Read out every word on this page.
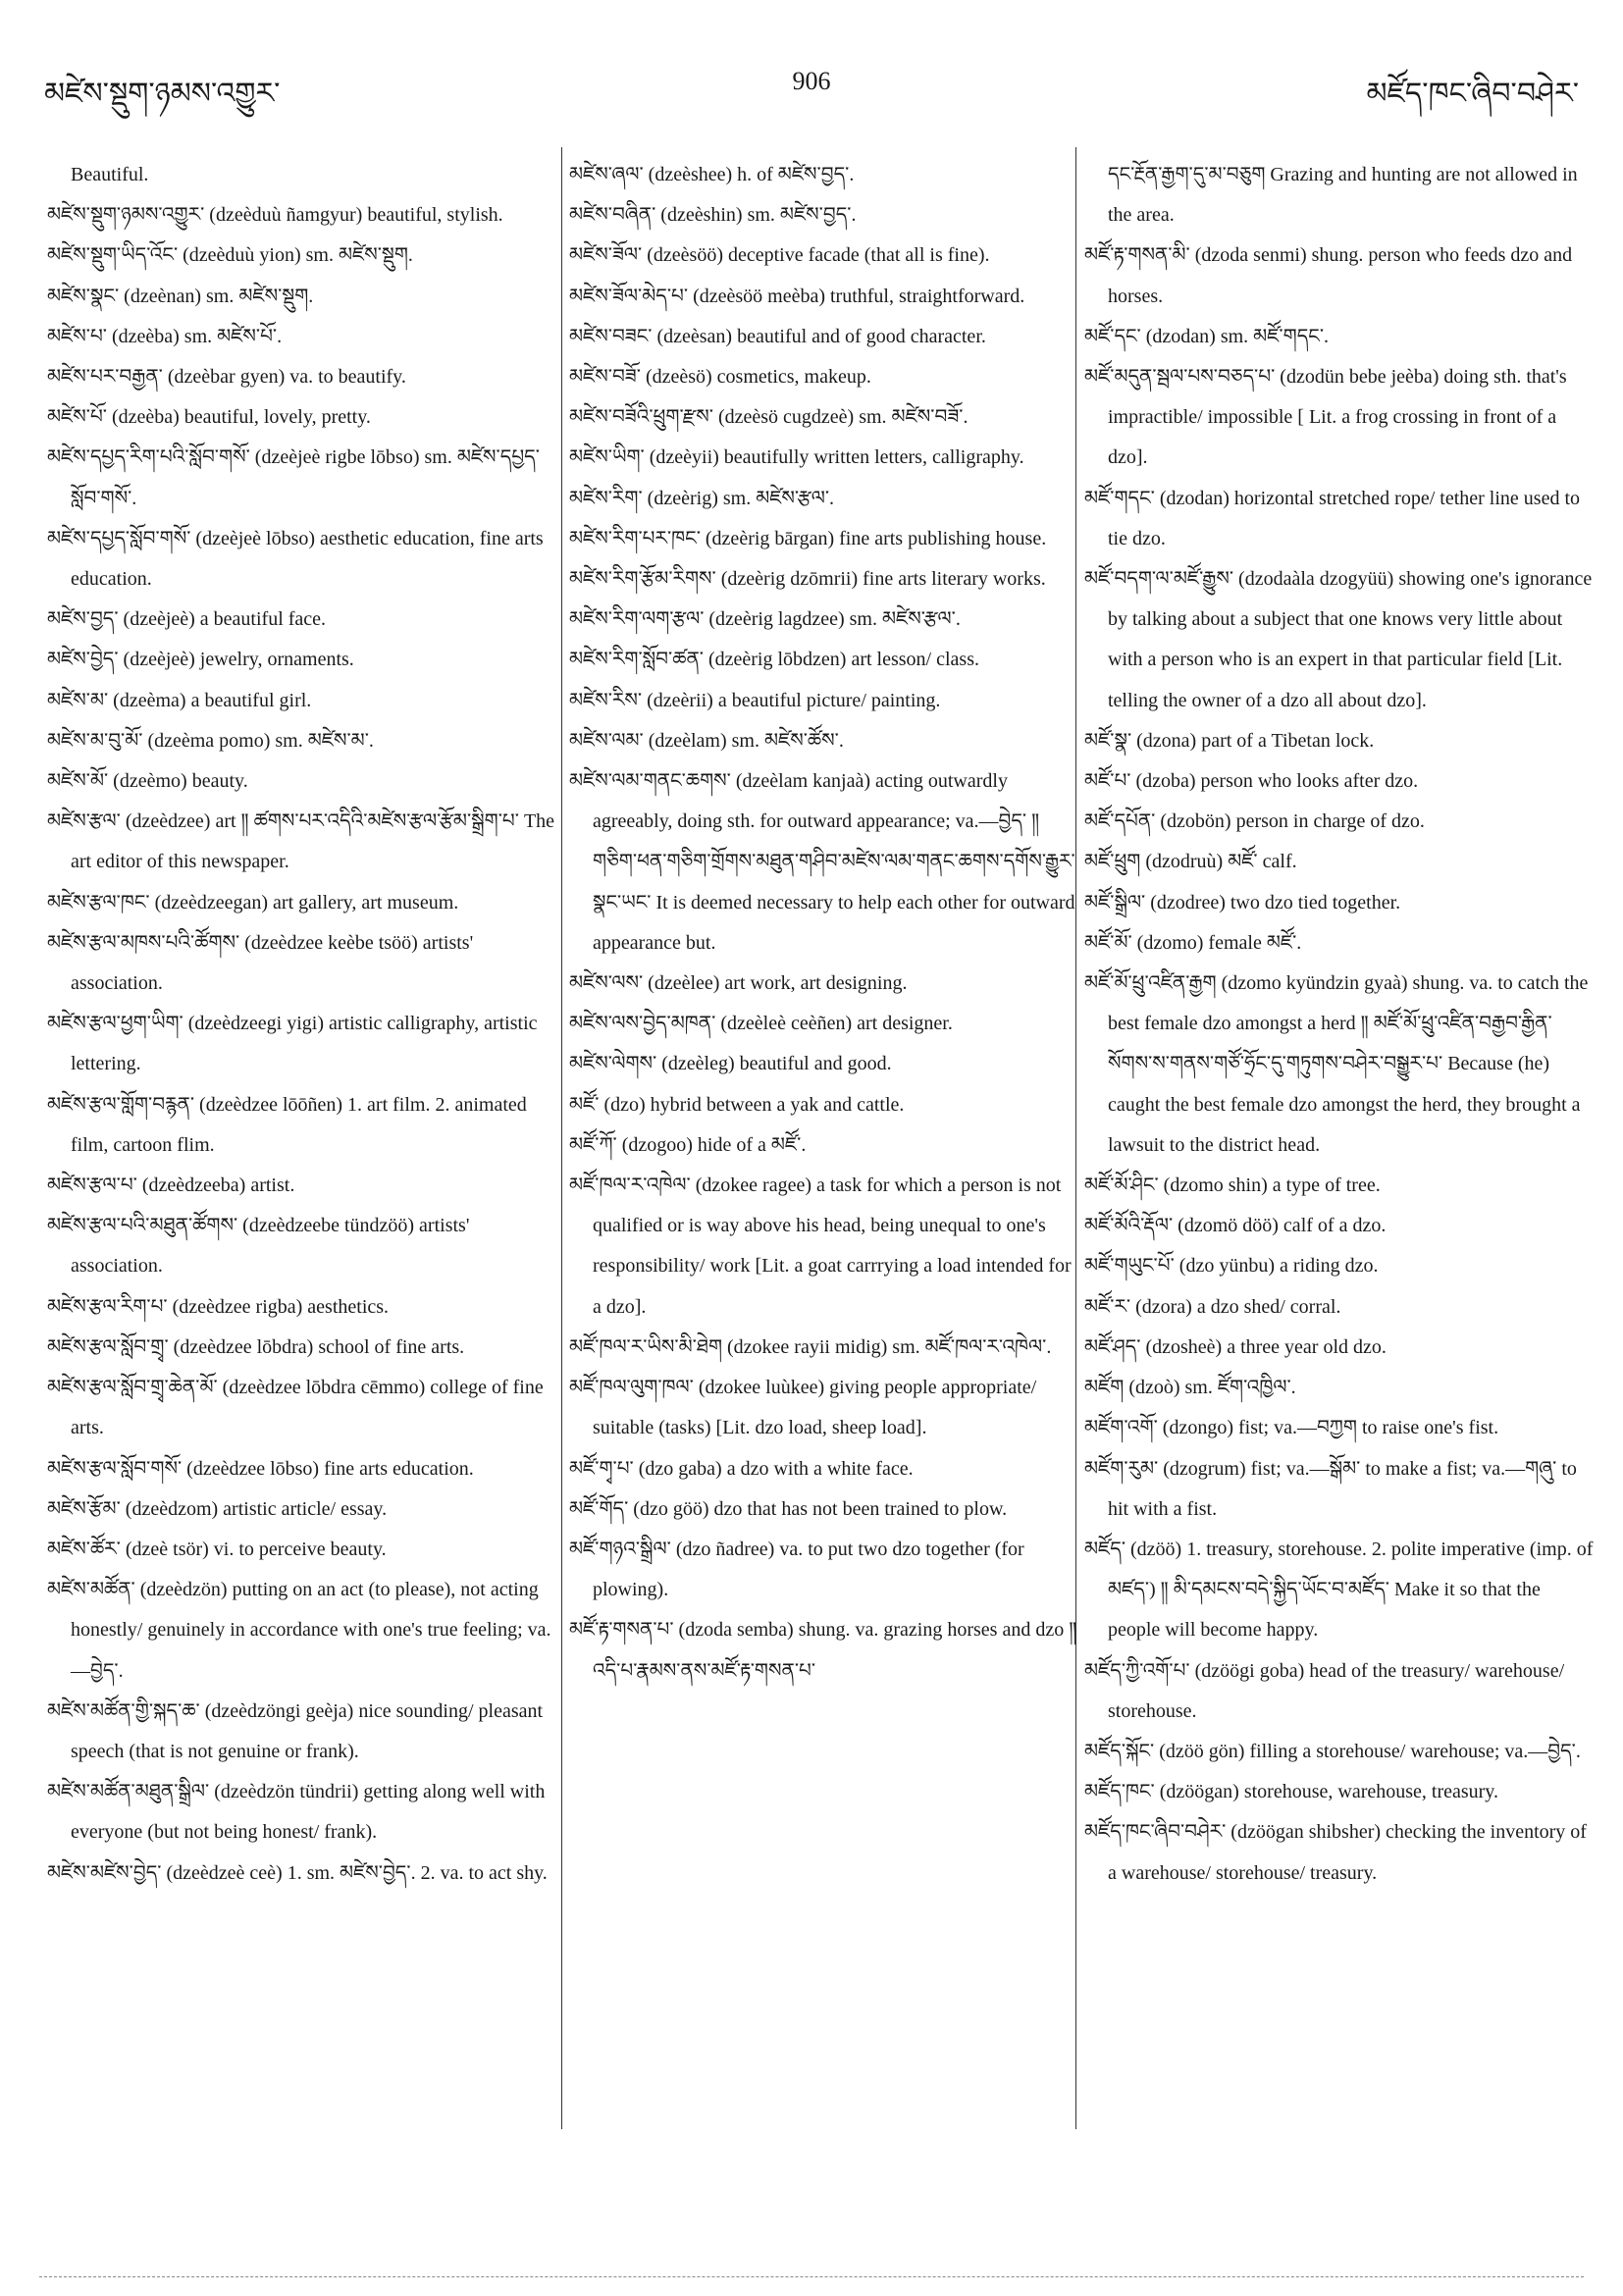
མཛེས་སྡུག་ཉམས་འགྱུར་	906	མཛོད་ཁང་ཞིབ་བཤེར་

Beautiful.

མཛེས་སྡུག་ཉམས་འགྱུར་ (dzeèduù ñamgyur) beautiful, stylish.

མཛེས་སྡུག་ཡིད་འོང་ (dzeèduù yion) sm. མཛེས་སྡུག.

མཛེས་སྣང་ (dzeènan) sm. མཛེས་སྡུག.

མཛེས་པ་ (dzeèba) sm. མཛེས་པོ་.

མཛེས་པར་བརྒྱན་ (dzeèbar gyen) va. to beautify.

མཛེས་པོ་ (dzeèba) beautiful, lovely, pretty.

མཛེས་དཔྱད་རིག་པའི་སློབ་གསོ་ (dzeèjeè rigbe lōbso) sm. མཛེས་དཔྱད་སློབ་གསོ་.

མཛེས་དཔྱད་སློབ་གསོ་ (dzeèjeè lōbso) aesthetic education, fine arts education.

མཛེས་བྱད་ (dzeèjeè) a beautiful face.

མཛེས་བྱེད་ (dzeèjeè) jewelry, ornaments.

མཛེས་མ་ (dzeèma) a beautiful girl.

མཛེས་མ་བུ་མོ་ (dzeèma pomo) sm. མཛེས་མ་.

མཛེས་མོ་ (dzeèmo) beauty.

མཛེས་རྩལ་ (dzeèdzee) art ༎ ཚགས་པར་འདིའི་མཛེས་རྩལ་རྩོམ་སྒྲིག་པ་ The art editor of this newspaper.

མཛེས་རྩལ་ཁང་ (dzeèdzeegan) art gallery, art museum.

མཛེས་རྩལ་མཁས་པའི་ཚོགས་ (dzeèdzee keèbe tsöö) artists' association.

མཛེས་རྩལ་ཕྱག་ཡིག་ (dzeèdzeegi yigi) artistic calligraphy, artistic lettering.

མཛེས་རྩལ་གློག་བརྙན་ (dzeèdzee lōōñen) 1. art film. 2. animated film, cartoon flim.

མཛེས་རྩལ་པ་ (dzeèdzeeba) artist.

མཛེས་རྩལ་པའི་མཐུན་ཚོགས་ (dzeèdzeebe tündzöö) artists' association.

མཛེས་རྩལ་རིག་པ་ (dzeèdzee rigba) aesthetics.

མཛེས་རྩལ་སློབ་གྲྭ་ (dzeèdzee lōbdra) school of fine arts.

མཛེས་རྩལ་སློབ་གྲྭ་ཆེན་མོ་ (dzeèdzee lōbdra cēmmo) college of fine arts.

མཛེས་རྩལ་སློབ་གསོ་ (dzeèdzee lōbso) fine arts education.

མཛེས་རྩོམ་ (dzeèdzom) artistic article/ essay.

མཛེས་ཚོར་ (dzeè tsör) vi. to perceive beauty.

མཛེས་མཚོན་ (dzeèdzön) putting on an act (to please), not acting honestly/ genuinely in accordance with one's true feeling; va.—བྱེད་.

མཛེས་མཚོན་གྱི་སྐད་ཆ་ (dzeèdzöngi geèja) nice sounding/ pleasant speech (that is not genuine or frank).

མཛེས་མཚོན་མཐུན་སྒྲིལ་ (dzeèdzön tündrii) getting along well with everyone (but not being honest/ frank).

མཛེས་མཛེས་བྱེད་ (dzeèdzeè ceè) 1. sm. མཛེས་བྱེད་. 2. va. to act shy.

མཛེས་ཞལ་ (dzeèshee) h. of མཛེས་བྱད་.

མཛེས་བཞིན་ (dzeèshin) sm. མཛེས་བྱད་.

མཛེས་ཟོལ་ (dzeèsöö) deceptive facade (that all is fine).

མཛེས་ཟོལ་མེད་པ་ (dzeèsöö meèba) truthful, straightforward.

མཛེས་བཟང་ (dzeèsan) beautiful and of good character.

མཛེས་བཟོ་ (dzeèsö) cosmetics, makeup.

མཛེས་བཟོའི་ཕྲུག་རྫས་ (dzeèsö cugdzeè) sm. མཛེས་བཟོ་.

མཛེས་ཡིག་ (dzeèyii) beautifully written letters, calligraphy.

མཛེས་རིག་ (dzeèrig) sm. མཛེས་རྩལ་.

མཛེས་རིག་པར་ཁང་ (dzeèrig bārgan) fine arts publishing house.

མཛེས་རིག་རྩོམ་རིགས་ (dzeèrig dzōmrii) fine arts literary works.

མཛེས་རིག་ལག་རྩལ་ (dzeèrig lagdzee) sm. མཛེས་རྩལ་.

མཛེས་རིག་སློབ་ཚན་ (dzeèrig lōbdzen) art lesson/ class.

མཛེས་རིས་ (dzeèrii) a beautiful picture/ painting.

མཛེས་ལམ་ (dzeèlam) sm. མཛེས་ཚོས་.

མཛེས་ལམ་གནང་ཆགས་ (dzeèlam kanjaà) acting outwardly agreeably, doing sth. for outward appearance; va.—བྱེད་ ༎ གཅིག་ཕན་གཅིག་གྲོགས་མཐུན་གཤིབ་མཛེས་ལམ་གནང་ཆགས་དགོས་རྒྱུར་སྣང་ཡང་ It is deemed necessary to help each other for outward appearance but.

མཛེས་ལས་ (dzeèlee) art work, art designing.

མཛེས་ལས་བྱེད་མཁན་ (dzeèleè ceèñen) art designer.

མཛེས་ལེགས་ (dzeèleg) beautiful and good.

མཛོ་ (dzo) hybrid between a yak and cattle.

མཛོ་ཀོ་ (dzogoo) hide of a མཛོ་.

མཛོ་ཁལ་ར་འཁེལ་ (dzokee ragee) a task for which a person is not qualified or is way above his head, being unequal to one's responsibility/ work [Lit. a goat carrrying a load intended for a dzo].

མཛོ་ཁལ་ར་ཡིས་མི་ཐེག (dzokee rayii midig) sm. མཛོ་ཁལ་ར་འཁེལ་.

མཛོ་ཁལ་ལུག་ཁལ་ (dzokee luùkee) giving people appropriate/ suitable (tasks) [Lit. dzo load, sheep load].

མཛོ་གྭ་པ་ (dzo gaba) a dzo with a white face.

མཛོ་གོད་ (dzo göö) dzo that has not been trained to plow.

མཛོ་གཉའ་སྒྲིལ་ (dzo ñadree) va. to put two dzo together (for plowing).

མཛོ་རྟ་གསན་པ་ (dzoda semba) shung. va. grazing horses and dzo ༎ འདི་པ་རྣམས་ནས་མཛོ་རྟ་གསན་པ་

དང་རྔོན་རྒྱག་དུ་མ་བཅུག Grazing and hunting are not allowed in the area.

མཛོ་རྟ་གསན་མི་ (dzoda senmi) shung. person who feeds dzo and horses.

མཛོ་དང་ (dzodan) sm. མཛོ་གདང་.

མཛོ་མདུན་སྦལ་པས་བཅད་པ་ (dzodün bebe jeèba) doing sth. that's impractible/ impossible [ Lit. a frog crossing in front of a dzo].

མཛོ་གདང་ (dzodan) horizontal stretched rope/ tether line used to tie dzo.

མཛོ་བདག་ལ་མཛོ་རྒྱུས་ (dzodaàla dzogyüü) showing one's ignorance by talking about a subject that one knows very little about with a person who is an expert in that particular field [Lit. telling the owner of a dzo all about dzo].

མཛོ་སྣ་ (dzona) part of a Tibetan lock.

མཛོ་པ་ (dzoba) person who looks after dzo.

མཛོ་དཔོན་ (dzobön) person in charge of dzo.

མཛོ་ཕྲུག (dzodruù) མཛོ་ calf.

མཛོ་སྒྲིལ་ (dzodree) two dzo tied together.

མཛོ་མོ་ (dzomo) female མཛོ་.

མཛོ་མོ་ཕྲུ་འཛིན་རྒྱག (dzomo kyündzin gyaà) shung. va. to catch the best female dzo amongst a herd ༎ མཛོ་མོ་ཕྲུ་འཛིན་བརྒྱབ་རྒྱིན་སོགས་ས་གནས་གཙོ་ཧྲོང་དུ་གཏུགས་བཤེར་བསྒྱུར་པ་ Because (he) caught the best female dzo amongst the herd, they brought a lawsuit to the district head.

མཛོ་མོ་ཤིང་ (dzomo shin) a type of tree.

མཛོ་མོའི་རྡོལ་ (dzomö döö) calf of a dzo.

མཛོ་གཡུང་པོ་ (dzo yünbu) a riding dzo.

མཛོ་ར་ (dzora) a dzo shed/ corral.

མཛོ་ཤད་ (dzosheè) a three year old dzo.

མཛོག (dzoò) sm. ཛོག་འཁྱིལ་.

མཛོག་འགོ་ (dzongo) fist; va.—བཀྱག to raise one's fist.

མཛོག་རུམ་ (dzogrum) fist; va.—སྒོམ་ to make a fist; va.—གཞུ་ to hit with a fist.

མཛོད་ (dzöö) 1. treasury, storehouse. 2. polite imperative (imp. of མཛད་) ༎ མི་དམངས་བདེ་སྐྱིད་ཡོང་བ་མཛོད་ Make it so that the people will become happy.

མཛོད་ཀྱི་འགོ་པ་ (dzöögi goba) head of the treasury/ warehouse/ storehouse.

མཛོད་སྐོང་ (dzöö gön) filling a storehouse/ warehouse; va.—བྱེད་.

མཛོད་ཁང་ (dzöögan) storehouse, warehouse, treasury.

མཛོད་ཁང་ཞིབ་བཤེར་ (dzöögan shibsher) checking the inventory of a warehouse/ storehouse/ treasury.
